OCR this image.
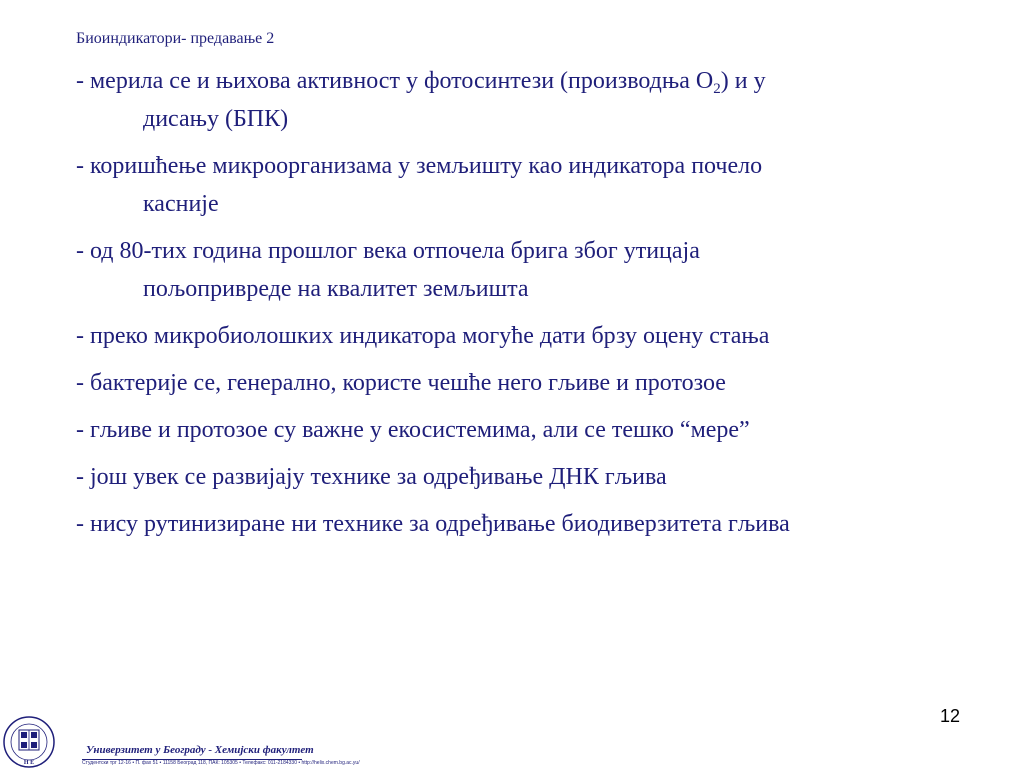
Биоиндикатори- предавање 2
- мерила се и њихова активност у фотосинтези (производња $О_2$) и у
дисању (БПК)
- коришћење микроорганизама у земљишту као индикатора почело
касније
- од 80-тих година прошлог века отпочела брига због утицаја
пољопривреде на квалитет земљишта
- преко микробиолошких индикатора могуће дати брзу оцену стања
- бактерије се, генерално, користе чешће него гљиве и протозое
- гљиве и протозое су важне у екосистемима, али се тешко “мере”
- још увек се развијају технике за одређивање ДНК гљива
- нису рутинизиране ни технике за одређивање биодиверзитета гљива
12
Н Е
Универзитет у Београду - Хемијски факултет
Студентски трг 12-16 • П. фах 51 • 11158 Београд 118, ПАК: 105305 • Телефакс: 011-2184330 • http://helix.chem.bg.ac.yu/
